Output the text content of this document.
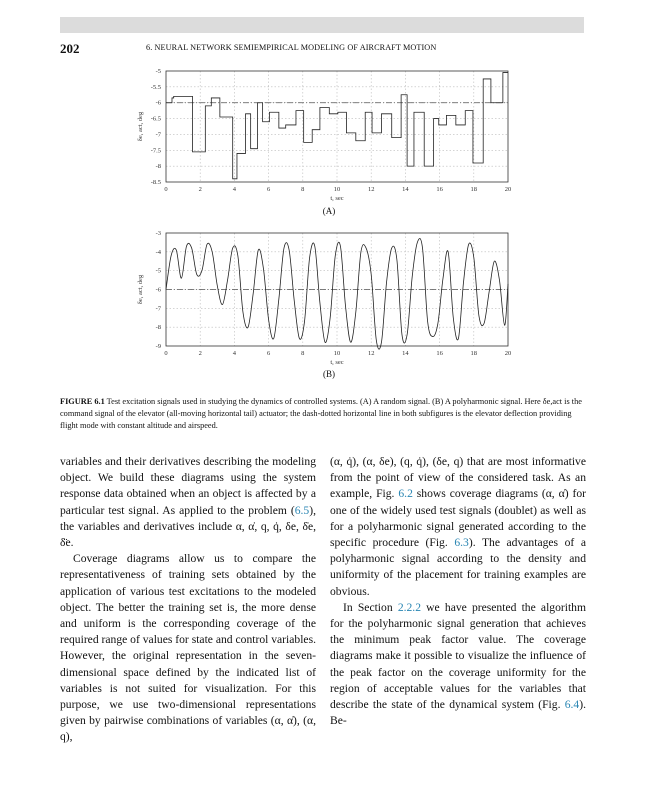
202	6. NEURAL NETWORK SEMIEMPIRICAL MODELING OF AIRCRAFT MOTION
0	2	4	6	8	10	12	14	16	18	20
-5
-5.5
-6
-6.5
-7
-7.5
-8
-8.5
t, sec
δe, act, deg
(A)
0	2	4	6	8	10	12	14	16	18	20
-3
-4
-5
-6
-7
-8
-9
t, sec
δe, act, deg
(B)
FIGURE 6.1 Test excitation signals used in studying the dynamics of controlled systems. (A) A random signal. (B) A polyharmonic signal. Here δe,act is the command signal of the elevator (all-moving horizontal tail) actuator; the dash-dotted horizontal line in both subfigures is the elevator deflection providing flight mode with constant altitude and airspeed.

variables and their derivatives describing the modeling object. We build these diagrams using the system response data obtained when an object is affected by a particular test signal. As applied to the problem (6.5), the variables and derivatives include α, α̇, q, q̇, δe, δ̇e, δ̈e.

Coverage diagrams allow us to compare the representativeness of training sets obtained by the application of various test excitations to the modeled object. The better the training set is, the more dense and uniform is the corresponding coverage of the required range of values for state and control variables. However, the original representation in the seven-dimensional space defined by the indicated list of variables is not suited for visualization. For this purpose, we use two-dimensional representations given by pairwise combinations of variables (α, α̇), (α, q),

(α, q̇), (α, δe), (q, q̇), (δe, q) that are most informative from the point of view of the considered task. As an example, Fig. 6.2 shows coverage diagrams (α, α̇) for one of the widely used test signals (doublet) as well as for a polyharmonic signal generated according to the specific procedure (Fig. 6.3). The advantages of a polyharmonic signal according to the density and uniformity of the placement for training examples are obvious.

In Section 2.2.2 we have presented the algorithm for the polyharmonic signal generation that achieves the minimum peak factor value. The coverage diagrams make it possible to visualize the influence of the peak factor on the coverage uniformity for the region of acceptable values for the variables that describe the state of the dynamical system (Fig. 6.4). Be-
